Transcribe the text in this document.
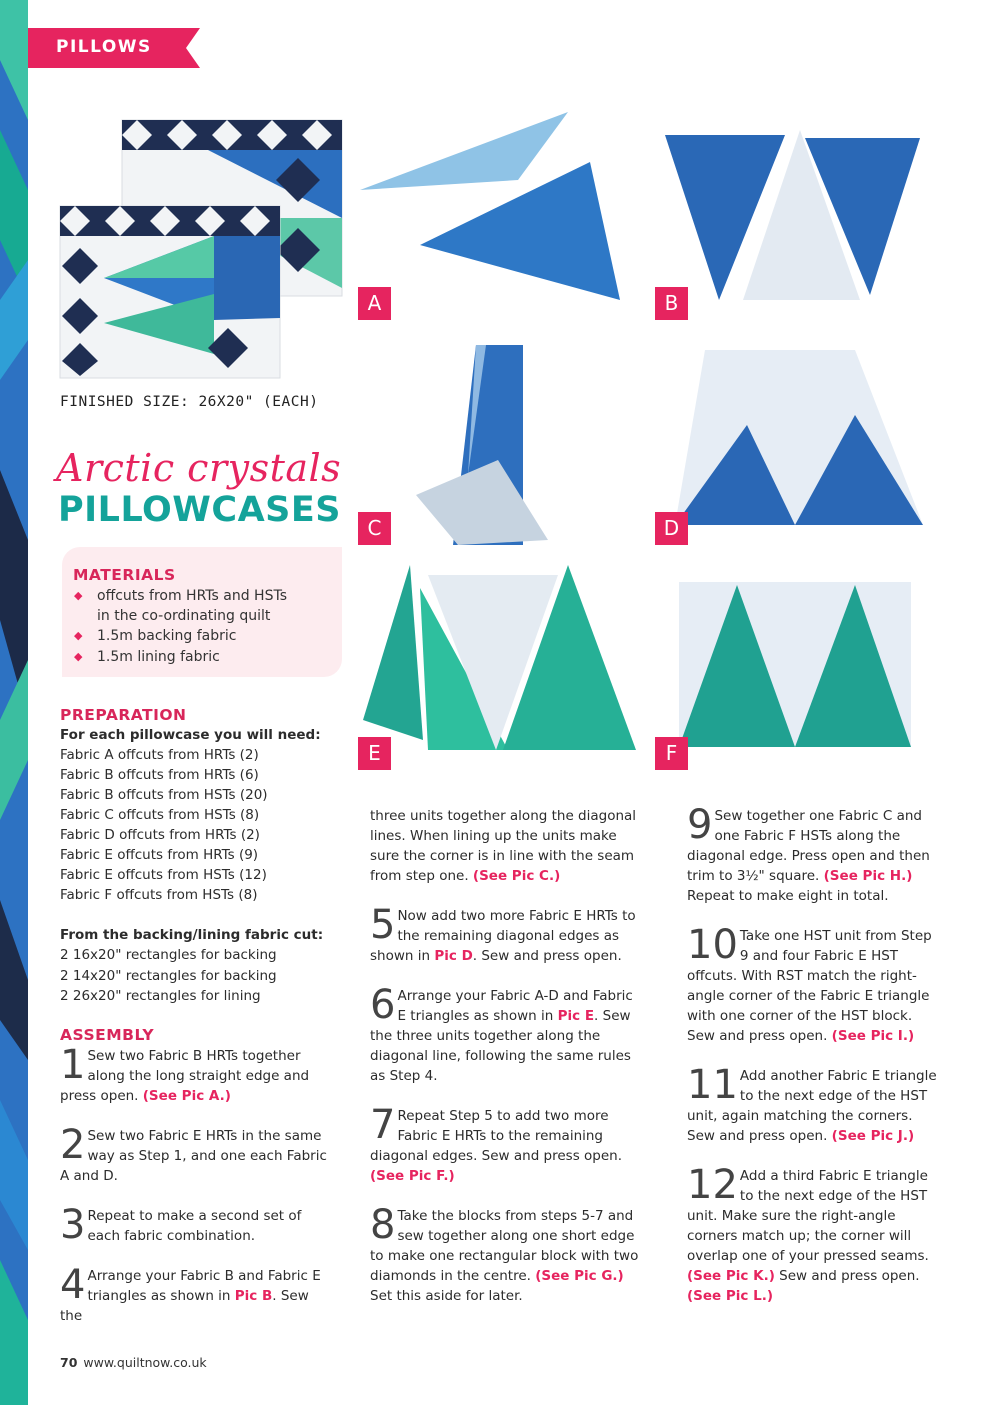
PILLOWS
FINISHED SIZE: 26X20" (EACH)
Arctic crystals
PILLOWCASES
A	B
C	D
E	F
MATERIALS
◆ offcuts from HRTs and HSTs
in the co-ordinating quilt
◆ 1.5m backing fabric
◆ 1.5m lining fabric
PREPARATION
For each pillowcase you will need:
Fabric A offcuts from HRTs (2)
Fabric B offcuts from HRTs (6)
Fabric B offcuts from HSTs (20)
Fabric C offcuts from HSTs (8)
Fabric D offcuts from HRTs (2)
Fabric E offcuts from HRTs (9)
Fabric E offcuts from HSTs (12)
Fabric F offcuts from HSTs (8)
From the backing/lining fabric cut:
2 16x20" rectangles for backing
2 14x20" rectangles for backing
2 26x20" rectangles for lining
ASSEMBLY
1 Sew two Fabric B HRTs together along the long straight edge and press open. (See Pic A.)
2 Sew two Fabric E HRTs in the same way as Step 1, and one each Fabric A and D.
3 Repeat to make a second set of each fabric combination.
4 Arrange your Fabric B and Fabric E triangles as shown in Pic B. Sew the
three units together along the diagonal lines. When lining up the units make sure the corner is in line with the seam from step one. (See Pic C.)
5 Now add two more Fabric E HRTs to the remaining diagonal edges as shown in Pic D. Sew and press open.
6 Arrange your Fabric A-D and Fabric E triangles as shown in Pic E. Sew the three units together along the diagonal line, following the same rules as Step 4.
7 Repeat Step 5 to add two more Fabric E HRTs to the remaining diagonal edges. Sew and press open. (See Pic F.)
8 Take the blocks from steps 5-7 and sew together along one short edge to make one rectangular block with two diamonds in the centre. (See Pic G.) Set this aside for later.
9 Sew together one Fabric C and one Fabric F HSTs along the diagonal edge. Press open and then trim to 3½" square. (See Pic H.) Repeat to make eight in total.
10 Take one HST unit from Step 9 and four Fabric E HST offcuts. With RST match the right-angle corner of the Fabric E triangle with one corner of the HST block. Sew and press open. (See Pic I.)
11 Add another Fabric E triangle to the next edge of the HST unit, again matching the corners. Sew and press open. (See Pic J.)
12 Add a third Fabric E triangle to the next edge of the HST unit. Make sure the right-angle corners match up; the corner will overlap one of your pressed seams. (See Pic K.) Sew and press open. (See Pic L.)
70 www.quiltnow.co.uk
